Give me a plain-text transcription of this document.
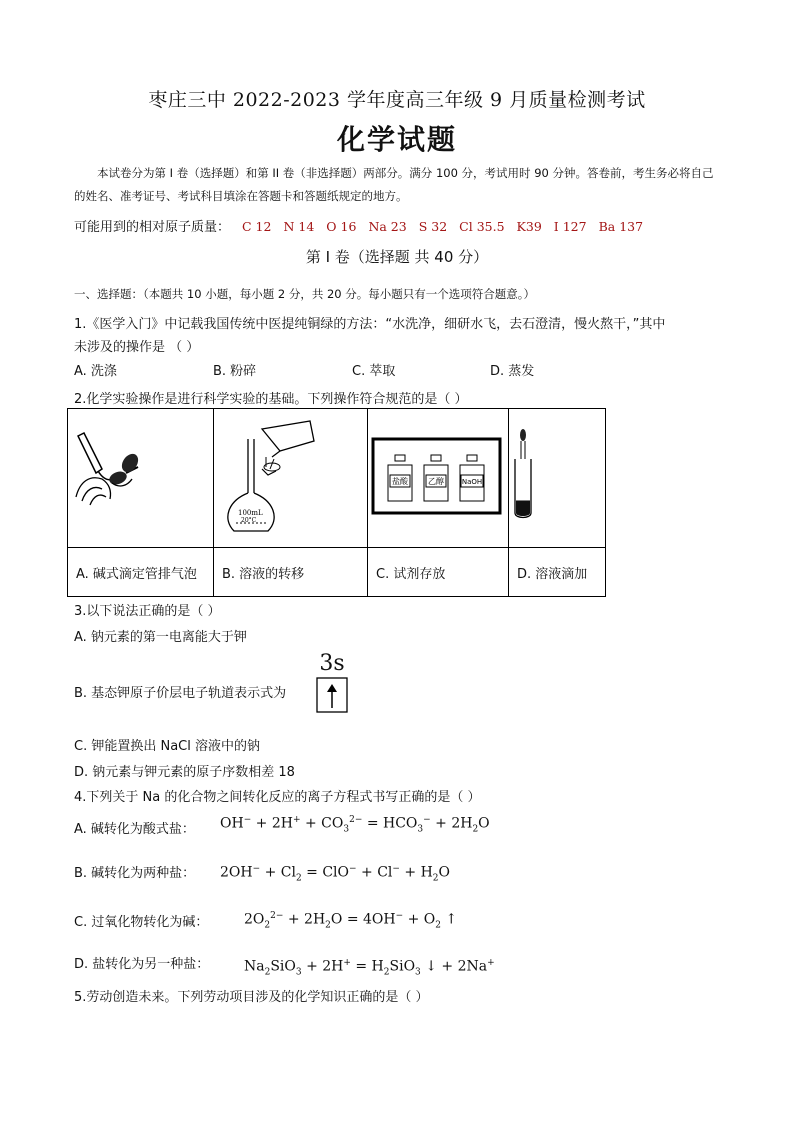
枣庄三中 2022-2023 学年度高三年级 9 月质量检测考试
化学试题
本试卷分为第 I 卷（选择题）和第 II 卷（非选择题）两部分。满分 100 分，考试用时 90 分钟。答卷前，考生务必将自己的姓名、准考证号、考试科目填涂在答题卡和答题纸规定的地方。
可能用到的相对原子质量： C 12 N 14 O 16 Na 23 S 32 Cl 35.5 K39 I 127 Ba 137
第 I 卷（选择题 共 40 分）
一、选择题：（本题共 10 小题，每小题 2 分，共 20 分。每小题只有一个选项符合题意。）
1.《医学入门》中记载我国传统中医提纯铜绿的方法：“水洗净，细研水飞，去石澄清，慢火熬干，”其中
未涉及的操作是 （ ）
A. 洗涤	B. 粉碎	C. 萃取	D. 蒸发
2.化学实验操作是进行科学实验的基础。下列操作符合规范的是（ ）

100mL
20°C	盐酸 乙醇 NaOH

A. 碱式滴定管排气泡	B. 溶液的转移	C. 试剂存放	D. 溶液滴加
3.以下说法正确的是（ ）
A. 钠元素的第一电离能大于钾
B. 基态钾原子价层电子轨道表示式为
3s
C. 钾能置换出 NaCl 溶液中的钠
D. 钠元素与钾元素的原子序数相差 18
4.下列关于 Na 的化合物之间转化反应的离子方程式书写正确的是（ ）
A. 碱转化为酸式盐： $OH^- + 2H^+ + CO_3^{2-} = HCO_3^- + 2H_2O$
B. 碱转化为两种盐： $2OH^- + Cl_2 = ClO^- + Cl^- + H_2O$
C. 过氧化物转化为碱：	$2O_2^{2-} + 2H_2O = 4OH^- + O_2$ ↑
D. 盐转化为另一种盐： $Na_2SiO_3 + 2H^+ = H_2SiO_3$ ↓ + 2Na+
5.劳动创造未来。下列劳动项目涉及的化学知识正确的是（ ）
